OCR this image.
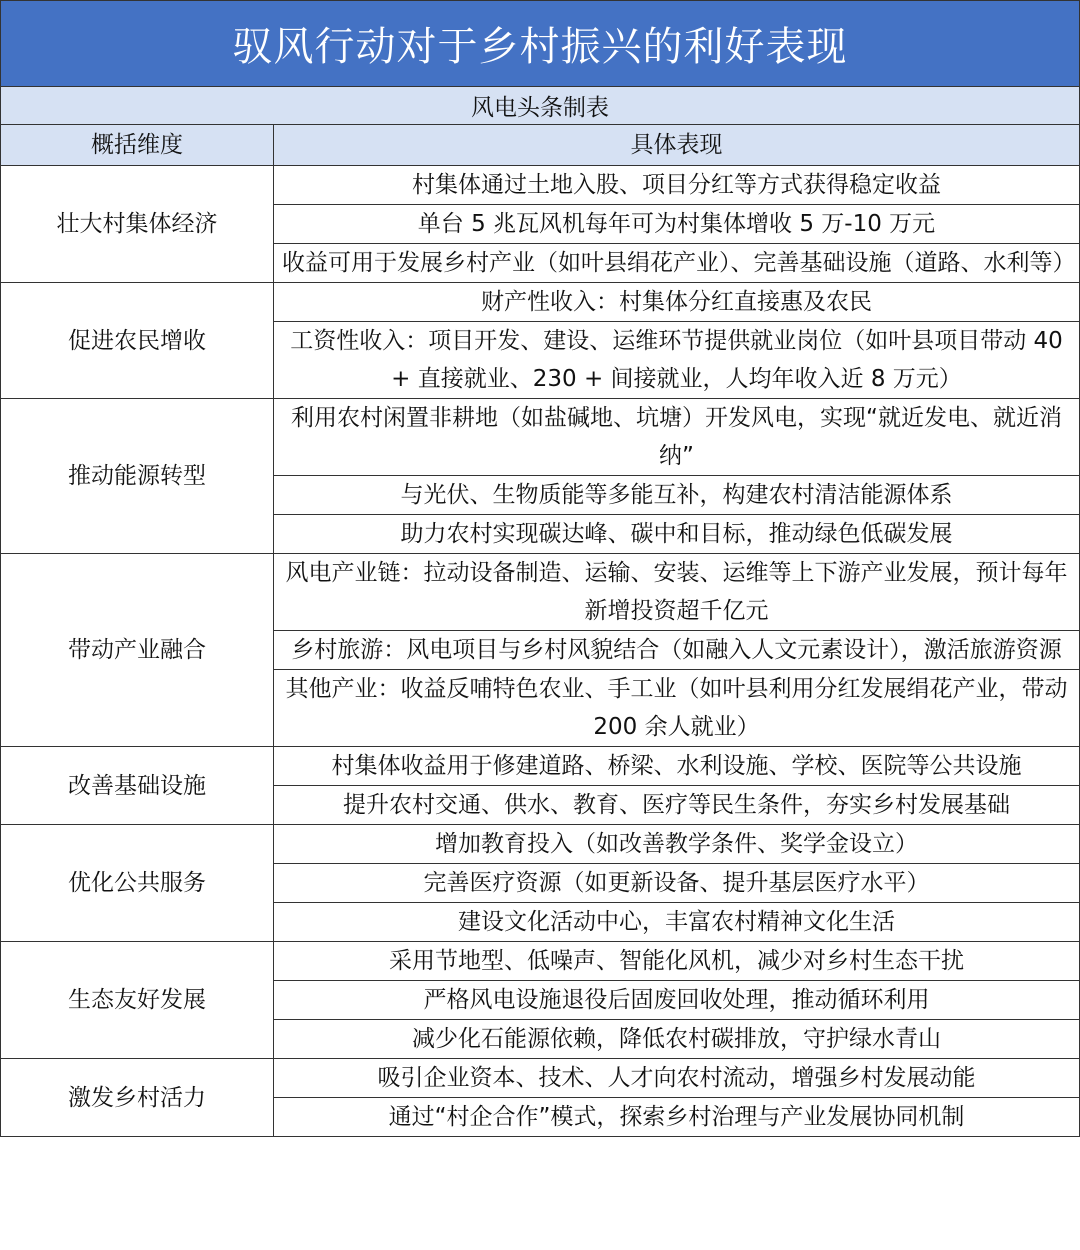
驭风行动对于乡村振兴的利好表现
风电头条制表
概括维度	具体表现
壮大村集体经济	村集体通过土地入股、项目分红等方式获得稳定收益
	单台 5 兆瓦风机每年可为村集体增收 5 万-10 万元
	收益可用于发展乡村产业（如叶县绢花产业）、完善基础设施（道路、水利等）
促进农民增收	财产性收入：村集体分红直接惠及农民
	工资性收入：项目开发、建设、运维环节提供就业岗位（如叶县项目带动 40 + 直接就业、230 + 间接就业，人均年收入近 8 万元）
推动能源转型	利用农村闲置非耕地（如盐碱地、坑塘）开发风电，实现“就近发电、就近消纳”
	与光伏、生物质能等多能互补，构建农村清洁能源体系
	助力农村实现碳达峰、碳中和目标，推动绿色低碳发展
带动产业融合	风电产业链：拉动设备制造、运输、安装、运维等上下游产业发展，预计每年新增投资超千亿元
	乡村旅游：风电项目与乡村风貌结合（如融入人文元素设计），激活旅游资源
	其他产业：收益反哺特色农业、手工业（如叶县利用分红发展绢花产业，带动 200 余人就业）
改善基础设施	村集体收益用于修建道路、桥梁、水利设施、学校、医院等公共设施
	提升农村交通、供水、教育、医疗等民生条件，夯实乡村发展基础
优化公共服务	增加教育投入（如改善教学条件、奖学金设立）
	完善医疗资源（如更新设备、提升基层医疗水平）
	建设文化活动中心，丰富农村精神文化生活
生态友好发展	采用节地型、低噪声、智能化风机，减少对乡村生态干扰
	严格风电设施退役后固废回收处理，推动循环利用
	减少化石能源依赖，降低农村碳排放，守护绿水青山
激发乡村活力	吸引企业资本、技术、人才向农村流动，增强乡村发展动能
	通过“村企合作”模式，探索乡村治理与产业发展协同机制
